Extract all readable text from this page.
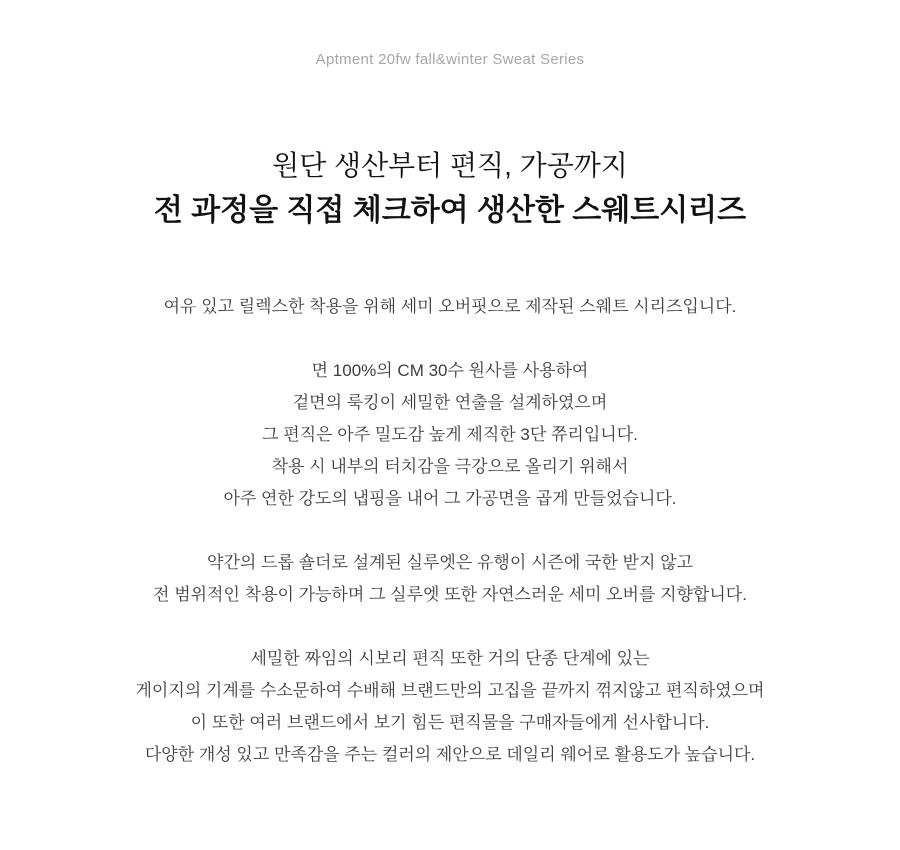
Aptment 20fw fall&winter Sweat Series
원단 생산부터 편직, 가공까지
전 과정을 직접 체크하여 생산한 스웨트시리즈

여유 있고 릴렉스한 착용을 위해 세미 오버핏으로 제작된 스웨트 시리즈입니다.

면 100%의 CM 30수 원사를 사용하여
겉면의 룩킹이 세밀한 연출을 설계하였으며
그 편직은 아주 밀도감 높게 제직한 3단 쮸리입니다.
착용 시 내부의 터치감을 극강으로 올리기 위해서
아주 연한 강도의 냅핑을 내어 그 가공면을 곱게 만들었습니다.

약간의 드롭 숄더로 설계된 실루엣은 유행이 시즌에 국한 받지 않고
전 범위적인 착용이 가능하며 그 실루엣 또한 자연스러운 세미 오버를 지향합니다.

세밀한 짜임의 시보리 편직 또한 거의 단종 단계에 있는
게이지의 기계를 수소문하여 수배해 브랜드만의 고집을 끝까지 꺾지않고 편직하였으며
이 또한 여러 브랜드에서 보기 힘든 편직물을 구매자들에게 선사합니다.
다양한 개성 있고 만족감을 주는 컬러의 제안으로 데일리 웨어로 활용도가 높습니다.
